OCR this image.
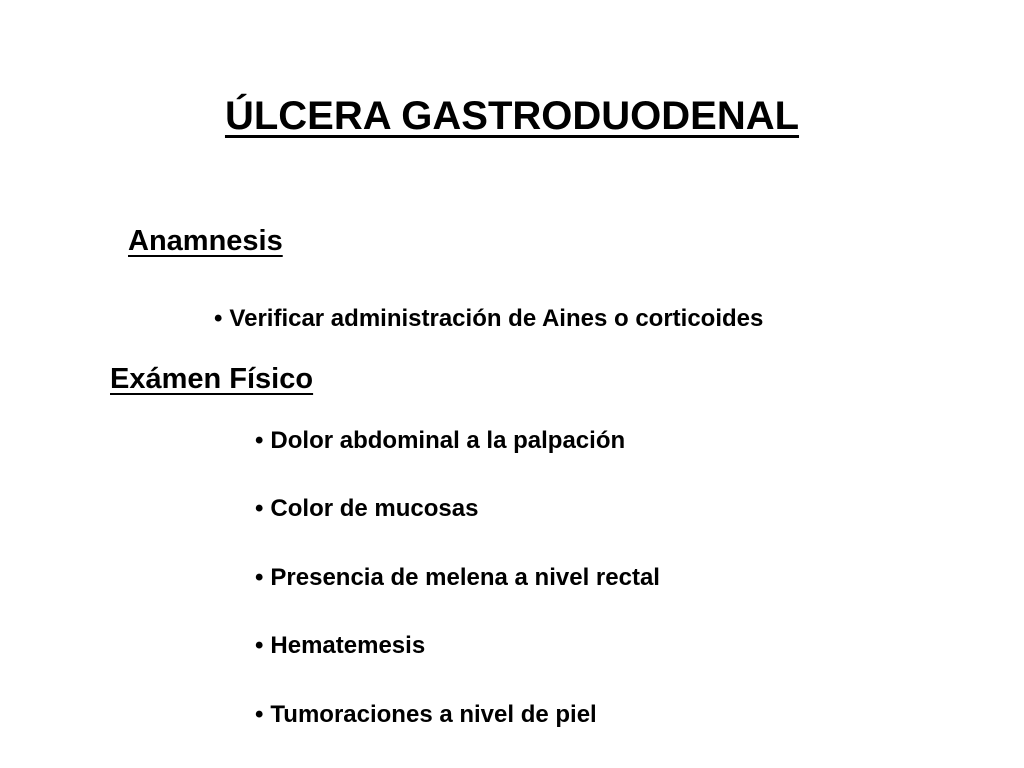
ÚLCERA GASTRODUODENAL
Anamnesis
• Verificar administración de Aines o corticoides
Exámen Físico
• Dolor abdominal a la palpación
• Color de mucosas
• Presencia de melena a nivel rectal
• Hematemesis
• Tumoraciones a nivel de piel
